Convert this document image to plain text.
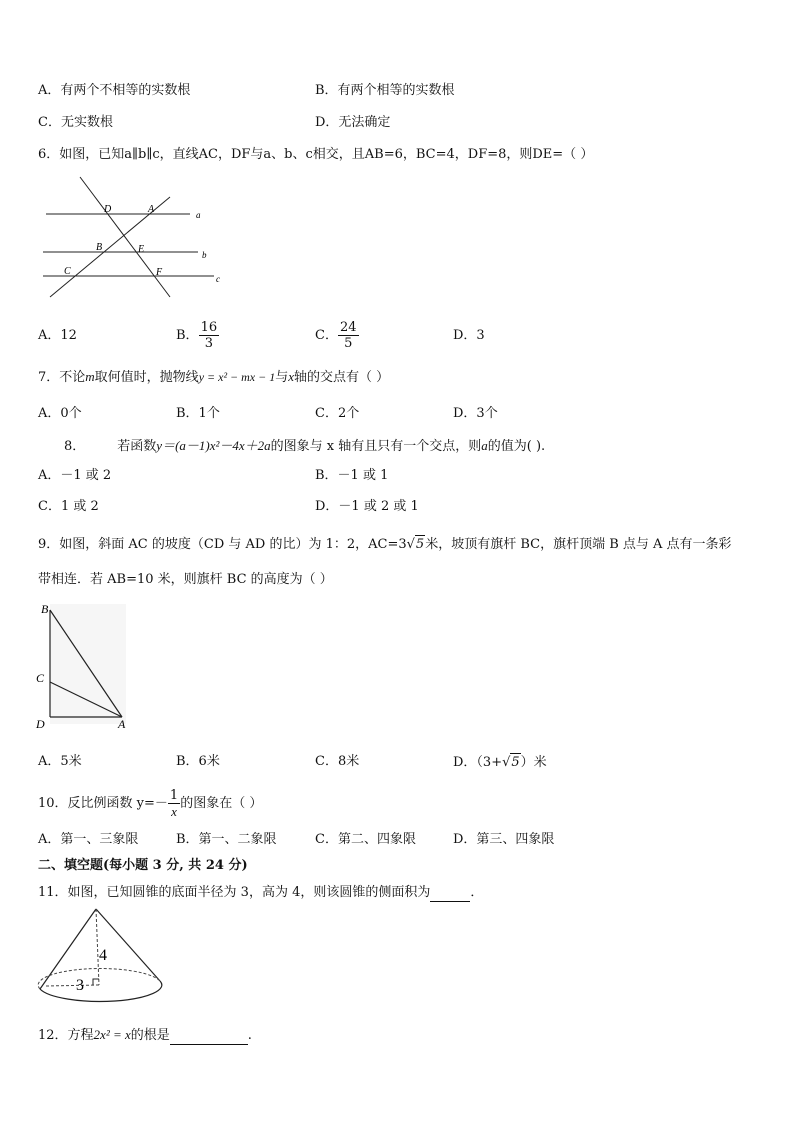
A．有两个不相等的实数根	B．有两个相等的实数根
C．无实数根	D．无法确定
6．如图，已知a∥b∥c，直线AC，DF与a、b、c相交，且AB=6，BC=4，DF=8，则DE=（ ）
D	A	a
B	E	b
C	F
c
A．12	B． $\frac{16}{3}$	C． $\frac{24}{5}$	D．3
7．不论m取何值时，抛物线y = x² − mx − 1与x轴的交点有（ ）
A．0个	B．1个	C．2个	D．3个
8． 若函数y＝(a－1)x²－4x＋2a的图象与 x 轴有且只有一个交点，则a的值为( ).
A．－1 或 2	B．－1 或 1
C．1 或 2	D．－1 或 2 或 1
9．如图，斜面 AC 的坡度（CD 与 AD 的比）为 1：2，AC=3√5米，坡顶有旗杆 BC，旗杆顶端 B 点与 A 点有一条彩
带相连．若 AB=10 米，则旗杆 BC 的高度为（ ）
B
C
D	A
A．5米	B．6米	C．8米	D．（3+√5）米
10．反比例函数 $y=- \frac{1}{x}$ 的图象在（ ）
A．第一、三象限	B．第一、二象限	C．第二、四象限	D．第三、四象限
二、填空题(每小题 3 分, 共 24 分)
11．如图，已知圆锥的底面半径为 3，高为 4，则该圆锥的侧面积为	．
4
3
12．方程2x² = x的根是	.
